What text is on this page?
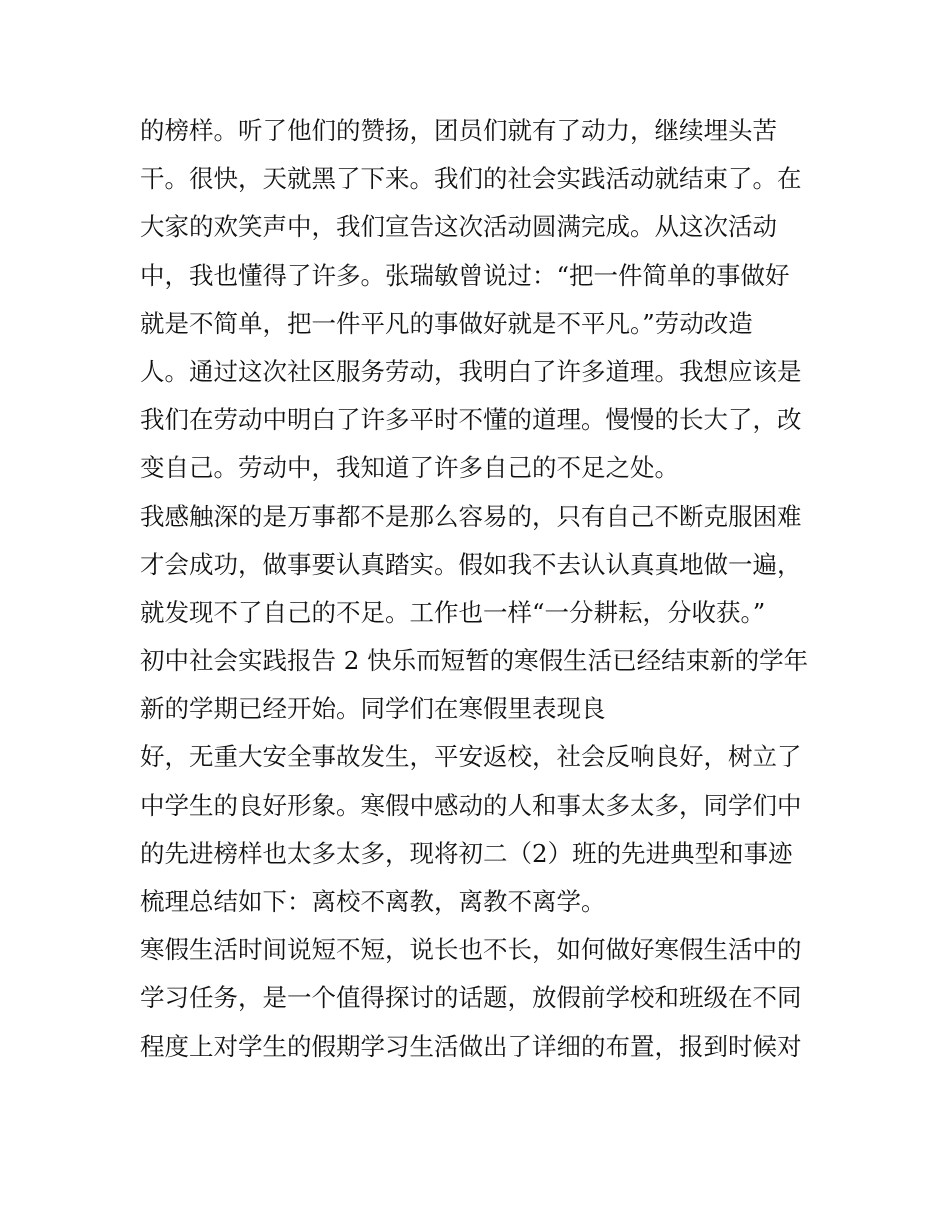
的榜样。听了他们的赞扬，团员们就有了动力，继续埋头苦
干。很快，天就黑了下来。我们的社会实践活动就结束了。在
大家的欢笑声中，我们宣告这次活动圆满完成。从这次活动
中，我也懂得了许多。张瑞敏曾说过：“把一件简单的事做好
就是不简单，把一件平凡的事做好就是不平凡。”劳动改造
人。通过这次社区服务劳动，我明白了许多道理。我想应该是
我们在劳动中明白了许多平时不懂的道理。慢慢的长大了，改
变自己。劳动中，我知道了许多自己的不足之处。
我感触深的是万事都不是那么容易的，只有自己不断克服困难
才会成功，做事要认真踏实。假如我不去认认真真地做一遍，
就发现不了自己的不足。工作也一样“一分耕耘，分收获。”
初中社会实践报告 2 快乐而短暂的寒假生活已经结束新的学年
新的学期已经开始。同学们在寒假里表现良
好，无重大安全事故发生，平安返校，社会反响良好，树立了
中学生的良好形象。寒假中感动的人和事太多太多，同学们中
的先进榜样也太多太多，现将初二（2）班的先进典型和事迹
梳理总结如下：离校不离教，离教不离学。
寒假生活时间说短不短，说长也不长，如何做好寒假生活中的
学习任务，是一个值得探讨的话题，放假前学校和班级在不同
程度上对学生的假期学习生活做出了详细的布置，报到时候对
